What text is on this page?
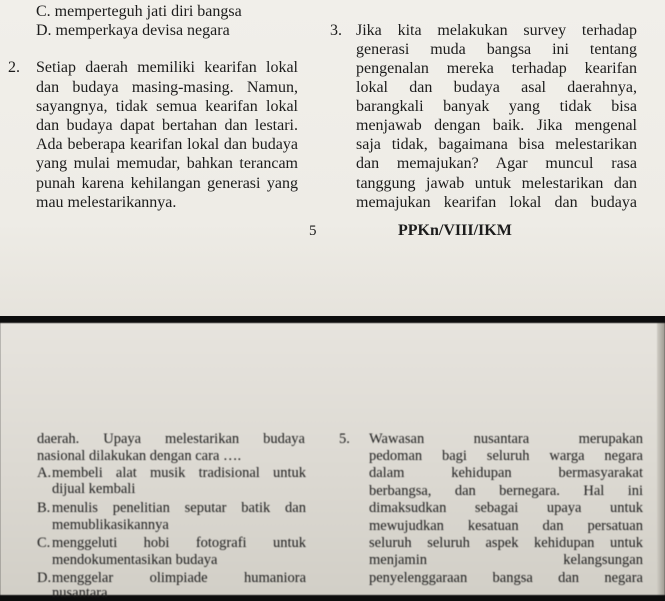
C. memperteguh jati diri bangsa
D. memperkaya devisa negara
2. Setiap daerah memiliki kearifan lokal
dan budaya masing-masing. Namun,
sayangnya, tidak semua kearifan lokal
dan budaya dapat bertahan dan lestari.
Ada beberapa kearifan lokal dan budaya
yang mulai memudar, bahkan terancam
punah karena kehilangan generasi yang
mau melestarikannya.
3. Jika kita melakukan survey terhadap
generasi muda bangsa ini tentang
pengenalan mereka terhadap kearifan
lokal dan budaya asal daerahnya,
barangkali banyak yang tidak bisa
menjawab dengan baik. Jika mengenal
saja tidak, bagaimana bisa melestarikan
dan memajukan? Agar muncul rasa
tanggung jawab untuk melestarikan dan
memajukan kearifan lokal dan budaya
5	PPKn/VIII/IKM
daerah. Upaya melestarikan budaya
nasional dilakukan dengan cara ….
A. membeli alat musik tradisional untuk
dijual kembali
B. menulis penelitian seputar batik dan
memublikasikannya
C. menggeluti hobi fotografi untuk
mendokumentasikan budaya
D. menggelar olimpiade humaniora
nusantara
5. Wawasan nusantara merupakan
pedoman bagi seluruh warga negara
dalam kehidupan bermasyarakat
berbangsa, dan bernegara. Hal ini
dimaksudkan sebagai upaya untuk
mewujudkan kesatuan dan persatuan
seluruh seluruh aspek kehidupan untuk
menjamin kelangsungan
penyelenggaraan bangsa dan negara
